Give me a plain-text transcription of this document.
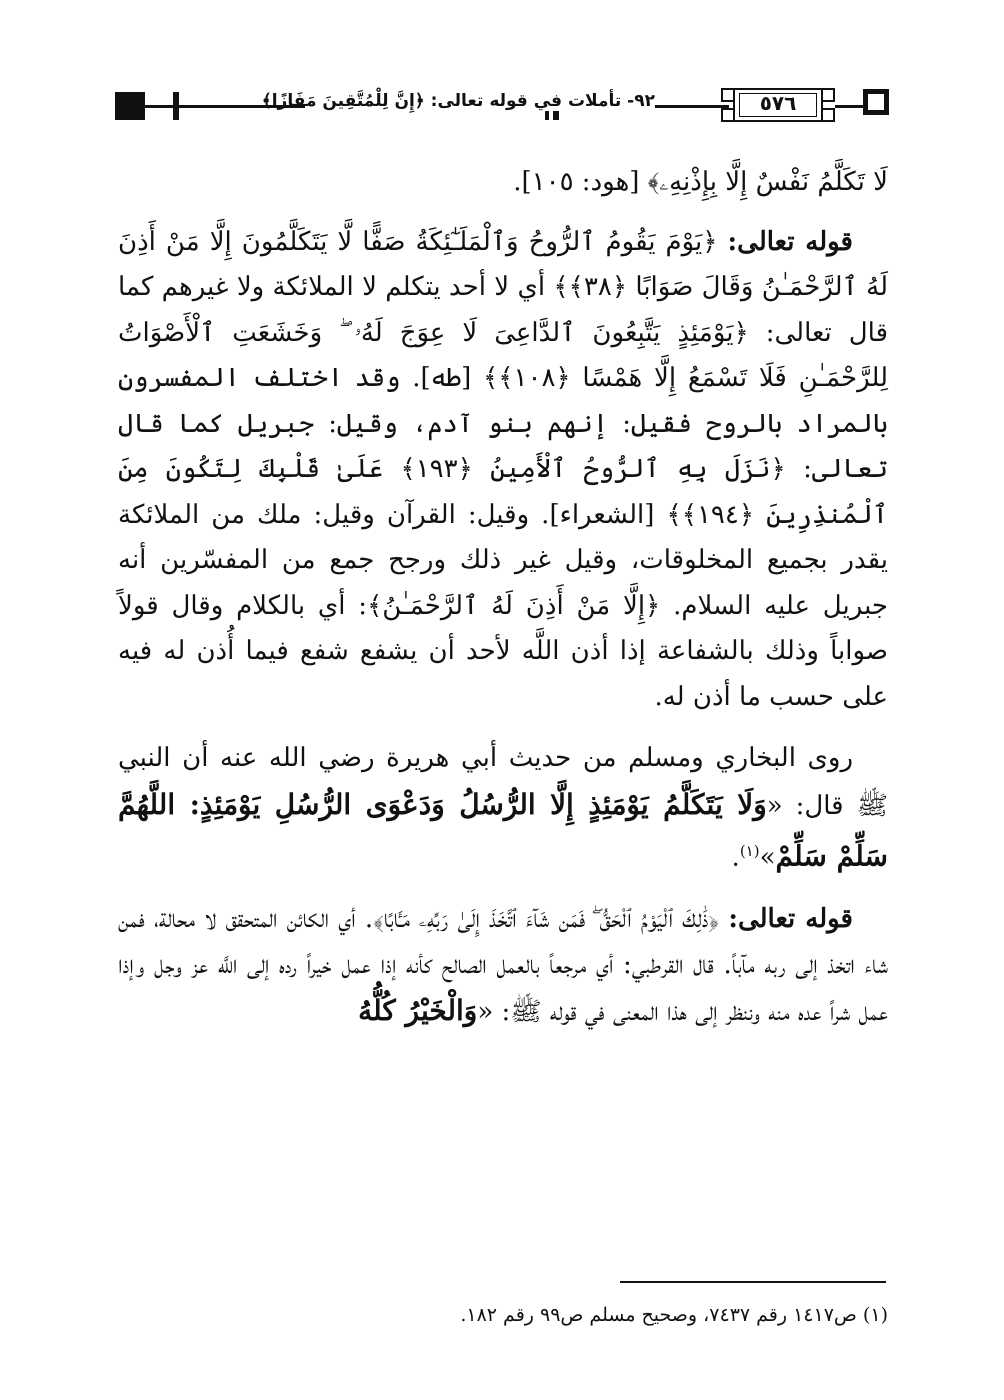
٩٢- تأملات في قوله تعالى: ﴿إِنَّ لِلْمُتَّقِينَ مَفَازًا﴾	٥٧٦

لَا تَكَلَّمُ نَفْسٌ إِلَّا بِإِذْنِهِۦ﴾ [هود: ١٠٥].

قوله تعالى: ﴿يَوْمَ يَقُومُ ٱلرُّوحُ وَٱلْمَلَـٰٓئِكَةُ صَفًّا لَّا يَتَكَلَّمُونَ إِلَّا مَنْ أَذِنَ لَهُ ٱلرَّحْمَـٰنُ وَقَالَ صَوَابًا ﴿٣٨﴾﴾ أي لا أحد يتكلم لا الملائكة ولا غيرهم كما قال تعالى: ﴿يَوْمَئِذٍ يَتَّبِعُونَ ٱلدَّاعِىَ لَا عِوَجَ لَهُۥ ۖ وَخَشَعَتِ ٱلْأَصْوَاتُ لِلرَّحْمَـٰنِ فَلَا تَسْمَعُ إِلَّا هَمْسًا ﴿١٠٨﴾﴾ [طه]. وقد اختلف المفسرون بالمراد بالروح فقيل: إنهم بنو آدم، وقيل: جبريل كما قال تعالى: ﴿نَزَلَ بِهِ ٱلرُّوحُ ٱلْأَمِينُ ﴿١٩٣﴾ عَلَىٰ قَلْبِكَ لِتَكُونَ مِنَ ٱلْمُنذِرِينَ ﴿١٩٤﴾﴾ [الشعراء]. وقيل: القرآن وقيل: ملك من الملائكة يقدر بجميع المخلوقات، وقيل غير ذلك ورجح جمع من المفسّرين أنه جبريل عليه السلام. ﴿إِلَّا مَنْ أَذِنَ لَهُ ٱلرَّحْمَـٰنُ﴾: أي بالكلام وقال قولاً صواباً وذلك بالشفاعة إذا أذن اللَّه لأحد أن يشفع شفع فيما أُذن له فيه على حسب ما أذن له.

روى البخاري ومسلم من حديث أبي هريرة رضي الله عنه أن النبي ﷺ قال: «وَلَا يَتَكَلَّمُ يَوْمَئِذٍ إِلَّا الرُّسُلُ وَدَعْوَى الرُّسُلِ يَوْمَئِذٍ: اللَّهُمَّ سَلِّمْ سَلِّمْ»$^{(١)}$.

قوله تعالى: ﴿ذَٰلِكَ ٱلْيَوْمُ ٱلْحَقُّ ۖ فَمَن شَآءَ ٱتَّخَذَ إِلَىٰ رَبِّهِۦ مَـَٔابًا﴾. أي الكائن المتحقق لا محالة، فمن شاء اتخذ إلى ربه مآباً. قال القرطبي: أي مرجعاً بالعمل الصالح كأنه إذا عمل خيراً رده إلى اللَّه عز وجل وإذا عمل شراً عده منه وننظر إلى هذا المعنى في قوله ﷺ: «وَالْخَيْرُ كُلُّهُ

(١) ص١٤١٧ رقم ٧٤٣٧، وصحيح مسلم ص٩٩ رقم ١٨٢.
